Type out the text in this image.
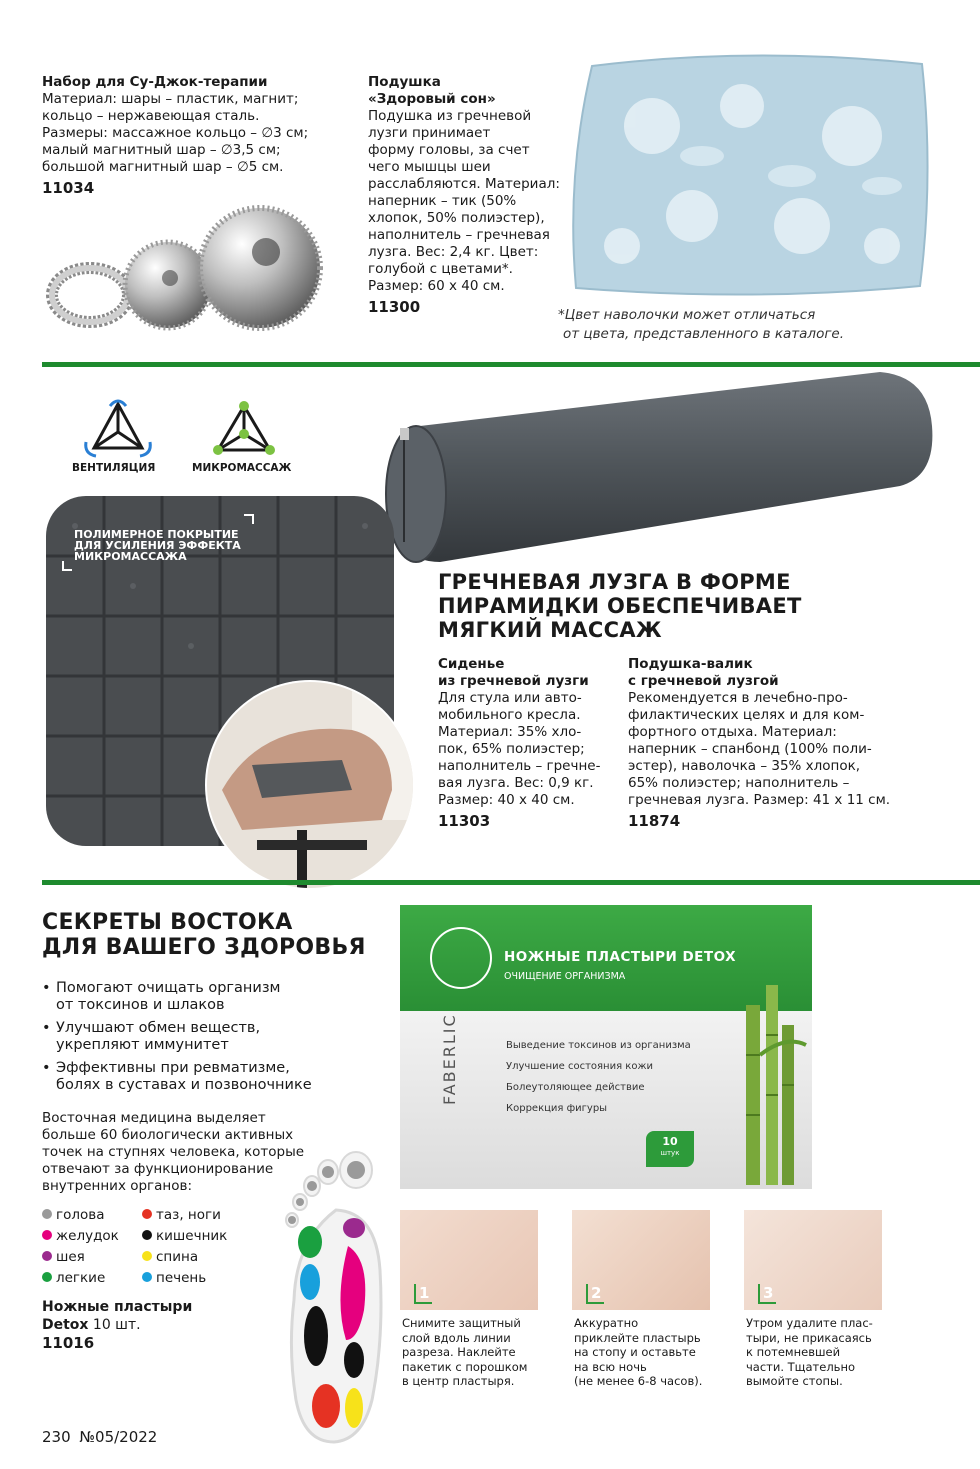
Набор для Су-Джок-терапии
Материал: шары – пластик, магнит;
кольцо – нержавеющая сталь.
Размеры: массажное кольцо – ∅3 см;
малый магнитный шар – ∅3,5 см;
большой магнитный шар – ∅5 см.
11034
Подушка
«Здоровый сон»
Подушка из гречневой
лузги принимает
форму головы, за счет
чего мышцы шеи
расслабляются. Материал:
наперник – тик (50%
хлопок, 50% полиэстер),
наполнитель – гречневая
лузга. Вес: 2,4 кг. Цвет:
голубой с цветами*.
Размер: 60 х 40 см.
11300	*Цвет наволочки может отличаться
от цвета, представленного в каталоге.
ВЕНТИЛЯЦИЯ	МИКРОМАССАЖ
ПОЛИМЕРНОЕ ПОКРЫТИЕ
ДЛЯ УСИЛЕНИЯ ЭФФЕКТА
МИКРОМАССАЖА
ГРЕЧНЕВАЯ ЛУЗГА В ФОРМЕ
ПИРАМИДКИ ОБЕСПЕЧИВАЕТ
МЯГКИЙ МАССАЖ
Сиденье
из гречневой лузги
Для стула или авто-
мобильного кресла.
Материал: 35% хло-
пок, 65% полиэстер;
наполнитель – гречне-
вая лузга. Вес: 0,9 кг.
Размер: 40 х 40 см.
11303
Подушка-валик
с гречневой лузгой
Рекомендуется в лечебно-про-
филактических целях и для ком-
фортного отдыха. Материал:
наперник – спанбонд (100% поли-
эстер), наволочка – 35% хлопок,
65% полиэстер; наполнитель –
гречневая лузга. Размер: 41 х 11 см.
11874
СЕКРЕТЫ ВОСТОКА
ДЛЯ ВАШЕГО ЗДОРОВЬЯ
• Помогают очищать организм
от токсинов и шлаков
• Улучшают обмен веществ,
укрепляют иммунитет
• Эффективны при ревматизме,
болях в суставах и позвоночнике
Восточная медицина выделяет
больше 60 биологически активных
точек на ступнях человека, которые
отвечают за функционирование
внутренних органов:
голова	таз, ноги
желудок	кишечник
шея	спина
легкие	печень
Ножные пластыри
Detox 10 шт.
11016
НОЖНЫЕ ПЛАСТЫРИ DETOX
ОЧИЩЕНИЕ ОРГАНИЗМА
FABERLIC	Выведение токсинов из организма
Улучшение состояния кожи
Болеутоляющее действие
Коррекция фигуры
10
штук
1	2	3
Снимите защитный
слой вдоль линии
разреза. Наклейте
пакетик с порошком
в центр пластыря.
Аккуратно
приклейте пластырь
на стопу и оставьте
на всю ночь
(не менее 6-8 часов).
Утром удалите плас-
тыри, не прикасаясь
к потемневшей
части. Тщательно
вымойте стопы.
230 №05/2022
